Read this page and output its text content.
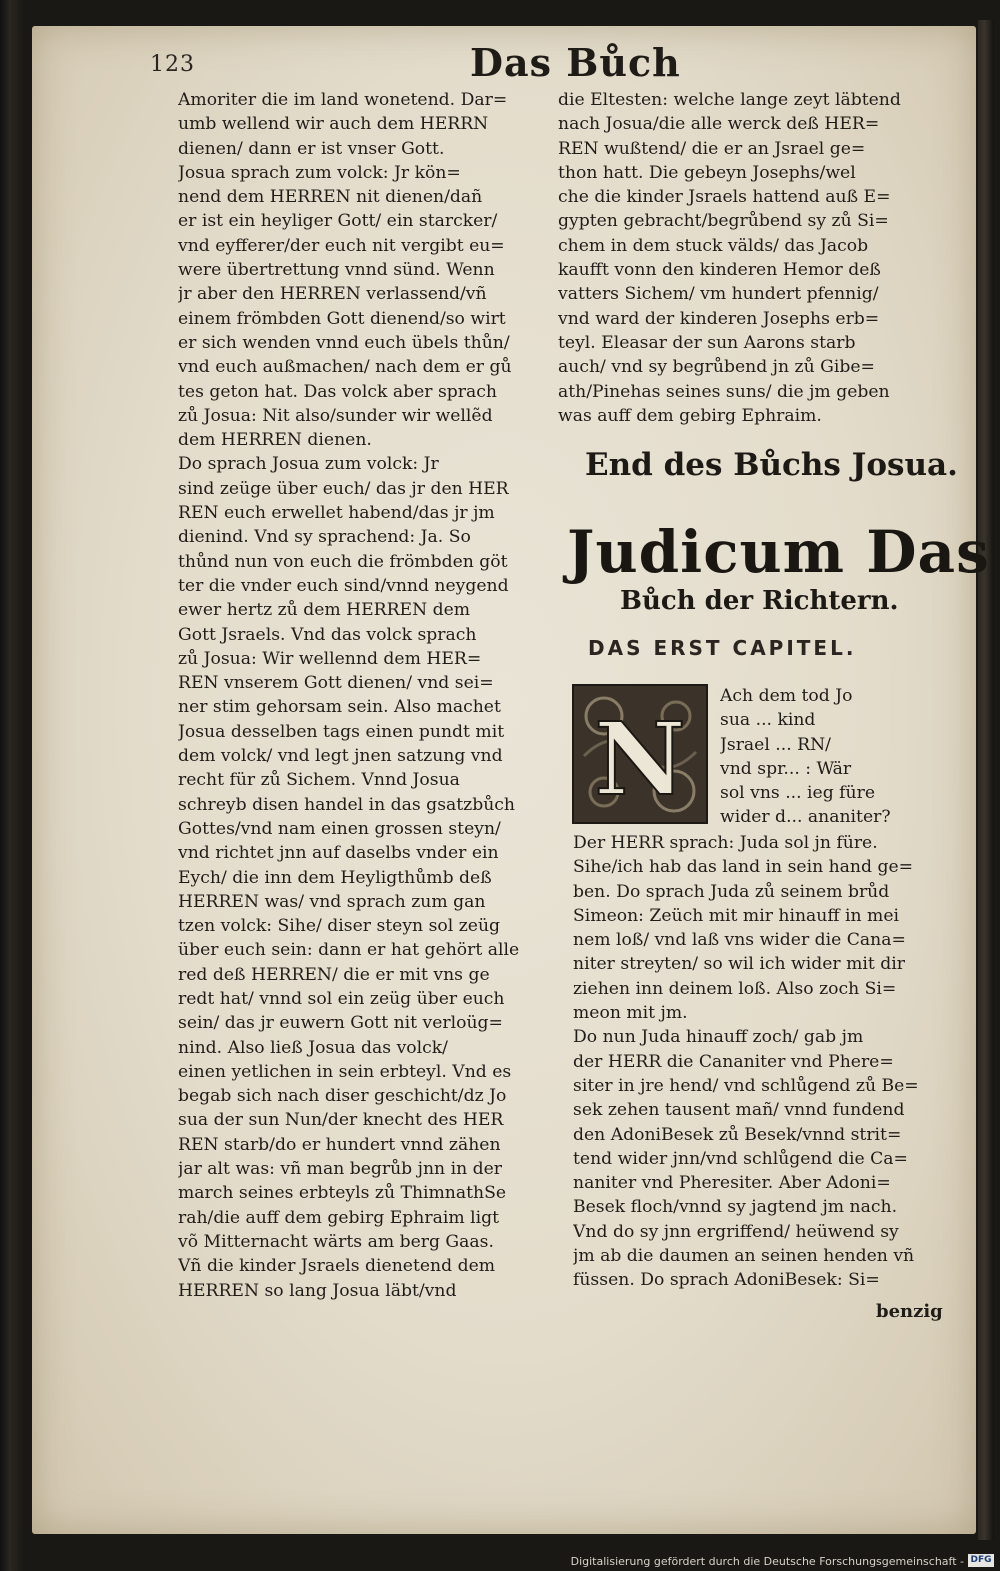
123	Das Bůch
Amoriter die im land wonetend. Dar=
umb wellend wir auch dem HERRN
dienen/ dann er ist vnser Gott.
Josua sprach zum volck: Jr kön=
nend dem HERREN nit dienen/dañ
er ist ein heyliger Gott/ ein starcker/
vnd eyfferer/der euch nit vergibt eu=
were übertrettung vnnd sünd. Wenn
jr aber den HERREN verlassend/vñ
einem frömbden Gott dienend/so wirt
er sich wenden vnnd euch übels thůn/
vnd euch außmachen/ nach dem er gů
tes geton hat. Das volck aber sprach
zů Josua: Nit also/sunder wir wellẽd
dem HERREN dienen.
Do sprach Josua zum volck: Jr
sind zeüge über euch/ das jr den HER
REN euch erwellet habend/das jr jm
dienind. Vnd sy sprachend: Ja. So
thůnd nun von euch die frömbden göt
ter die vnder euch sind/vnnd neygend
ewer hertz zů dem HERREN dem
Gott Jsraels. Vnd das volck sprach
zů Josua: Wir wellennd dem HER=
REN vnserem Gott dienen/ vnd sei=
ner stim gehorsam sein. Also machet
Josua desselben tags einen pundt mit
dem volck/ vnd legt jnen satzung vnd
recht für zů Sichem. Vnnd Josua
schreyb disen handel in das gsatzbůch
Gottes/vnd nam einen grossen steyn/
vnd richtet jnn auf daselbs vnder ein
Eych/ die inn dem Heyligthůmb deß
HERREN was/ vnd sprach zum gan
tzen volck: Sihe/ diser steyn sol zeüg
über euch sein: dann er hat gehört alle
red deß HERREN/ die er mit vns ge
redt hat/ vnnd sol ein zeüg über euch
sein/ das jr euwern Gott nit verloüg=
nind. Also ließ Josua das volck/
einen yetlichen in sein erbteyl. Vnd es
begab sich nach diser geschicht/dz Jo
sua der sun Nun/der knecht des HER
REN starb/do er hundert vnnd zähen
jar alt was: vñ man begrůb jnn in der
march seines erbteyls zů ThimnathSe
rah/die auff dem gebirg Ephraim ligt
võ Mitternacht wärts am berg Gaas.
Vñ die kinder Jsraels dienetend dem
HERREN so lang Josua läbt/vnd
die Eltesten: welche lange zeyt läbtend
nach Josua/die alle werck deß HER=
REN wußtend/ die er an Jsrael ge=
thon hatt. Die gebeyn Josephs/wel
che die kinder Jsraels hattend auß E=
gypten gebracht/begrůbend sy zů Si=
chem in dem stuck välds/ das Jacob
kaufft vonn den kinderen Hemor deß
vatters Sichem/ vm hundert pfennig/
vnd ward der kinderen Josephs erb=
teyl. Eleasar der sun Aarons starb
auch/ vnd sy begrůbend jn zů Gibe=
ath/Pinehas seines suns/ die jm geben
was auff dem gebirg Ephraim.
End des Bůchs Josua.
Judicum Das
Bůch der Richtern.
DAS ERST CAPITEL.
N
Ach dem tod Jo
sua ... kind
Jsrael ... RN/
vnd spr... : Wär
sol vns ... ieg füre
wider d... ananiter?
Der HERR sprach: Juda sol jn füre.
Sihe/ich hab das land in sein hand ge=
ben. Do sprach Juda zů seinem brůd
Simeon: Zeüch mit mir hinauff in mei
nem loß/ vnd laß vns wider die Cana=
niter streyten/ so wil ich wider mit dir
ziehen inn deinem loß. Also zoch Si=
meon mit jm.
Do nun Juda hinauff zoch/ gab jm
der HERR die Cananiter vnd Phere=
siter in jre hend/ vnd schlůgend zů Be=
sek zehen tausent mañ/ vnnd fundend
den AdoniBesek zů Besek/vnnd strit=
tend wider jnn/vnd schlůgend die Ca=
naniter vnd Pheresiter. Aber Adoni=
Besek floch/vnnd sy jagtend jm nach.
Vnd do sy jnn ergriffend/ heüwend sy
jm ab die daumen an seinen henden vñ
füssen. Do sprach AdoniBesek: Si=
benzig
Digitalisierung gefördert durch die Deutsche Forschungsgemeinschaft - DFG
